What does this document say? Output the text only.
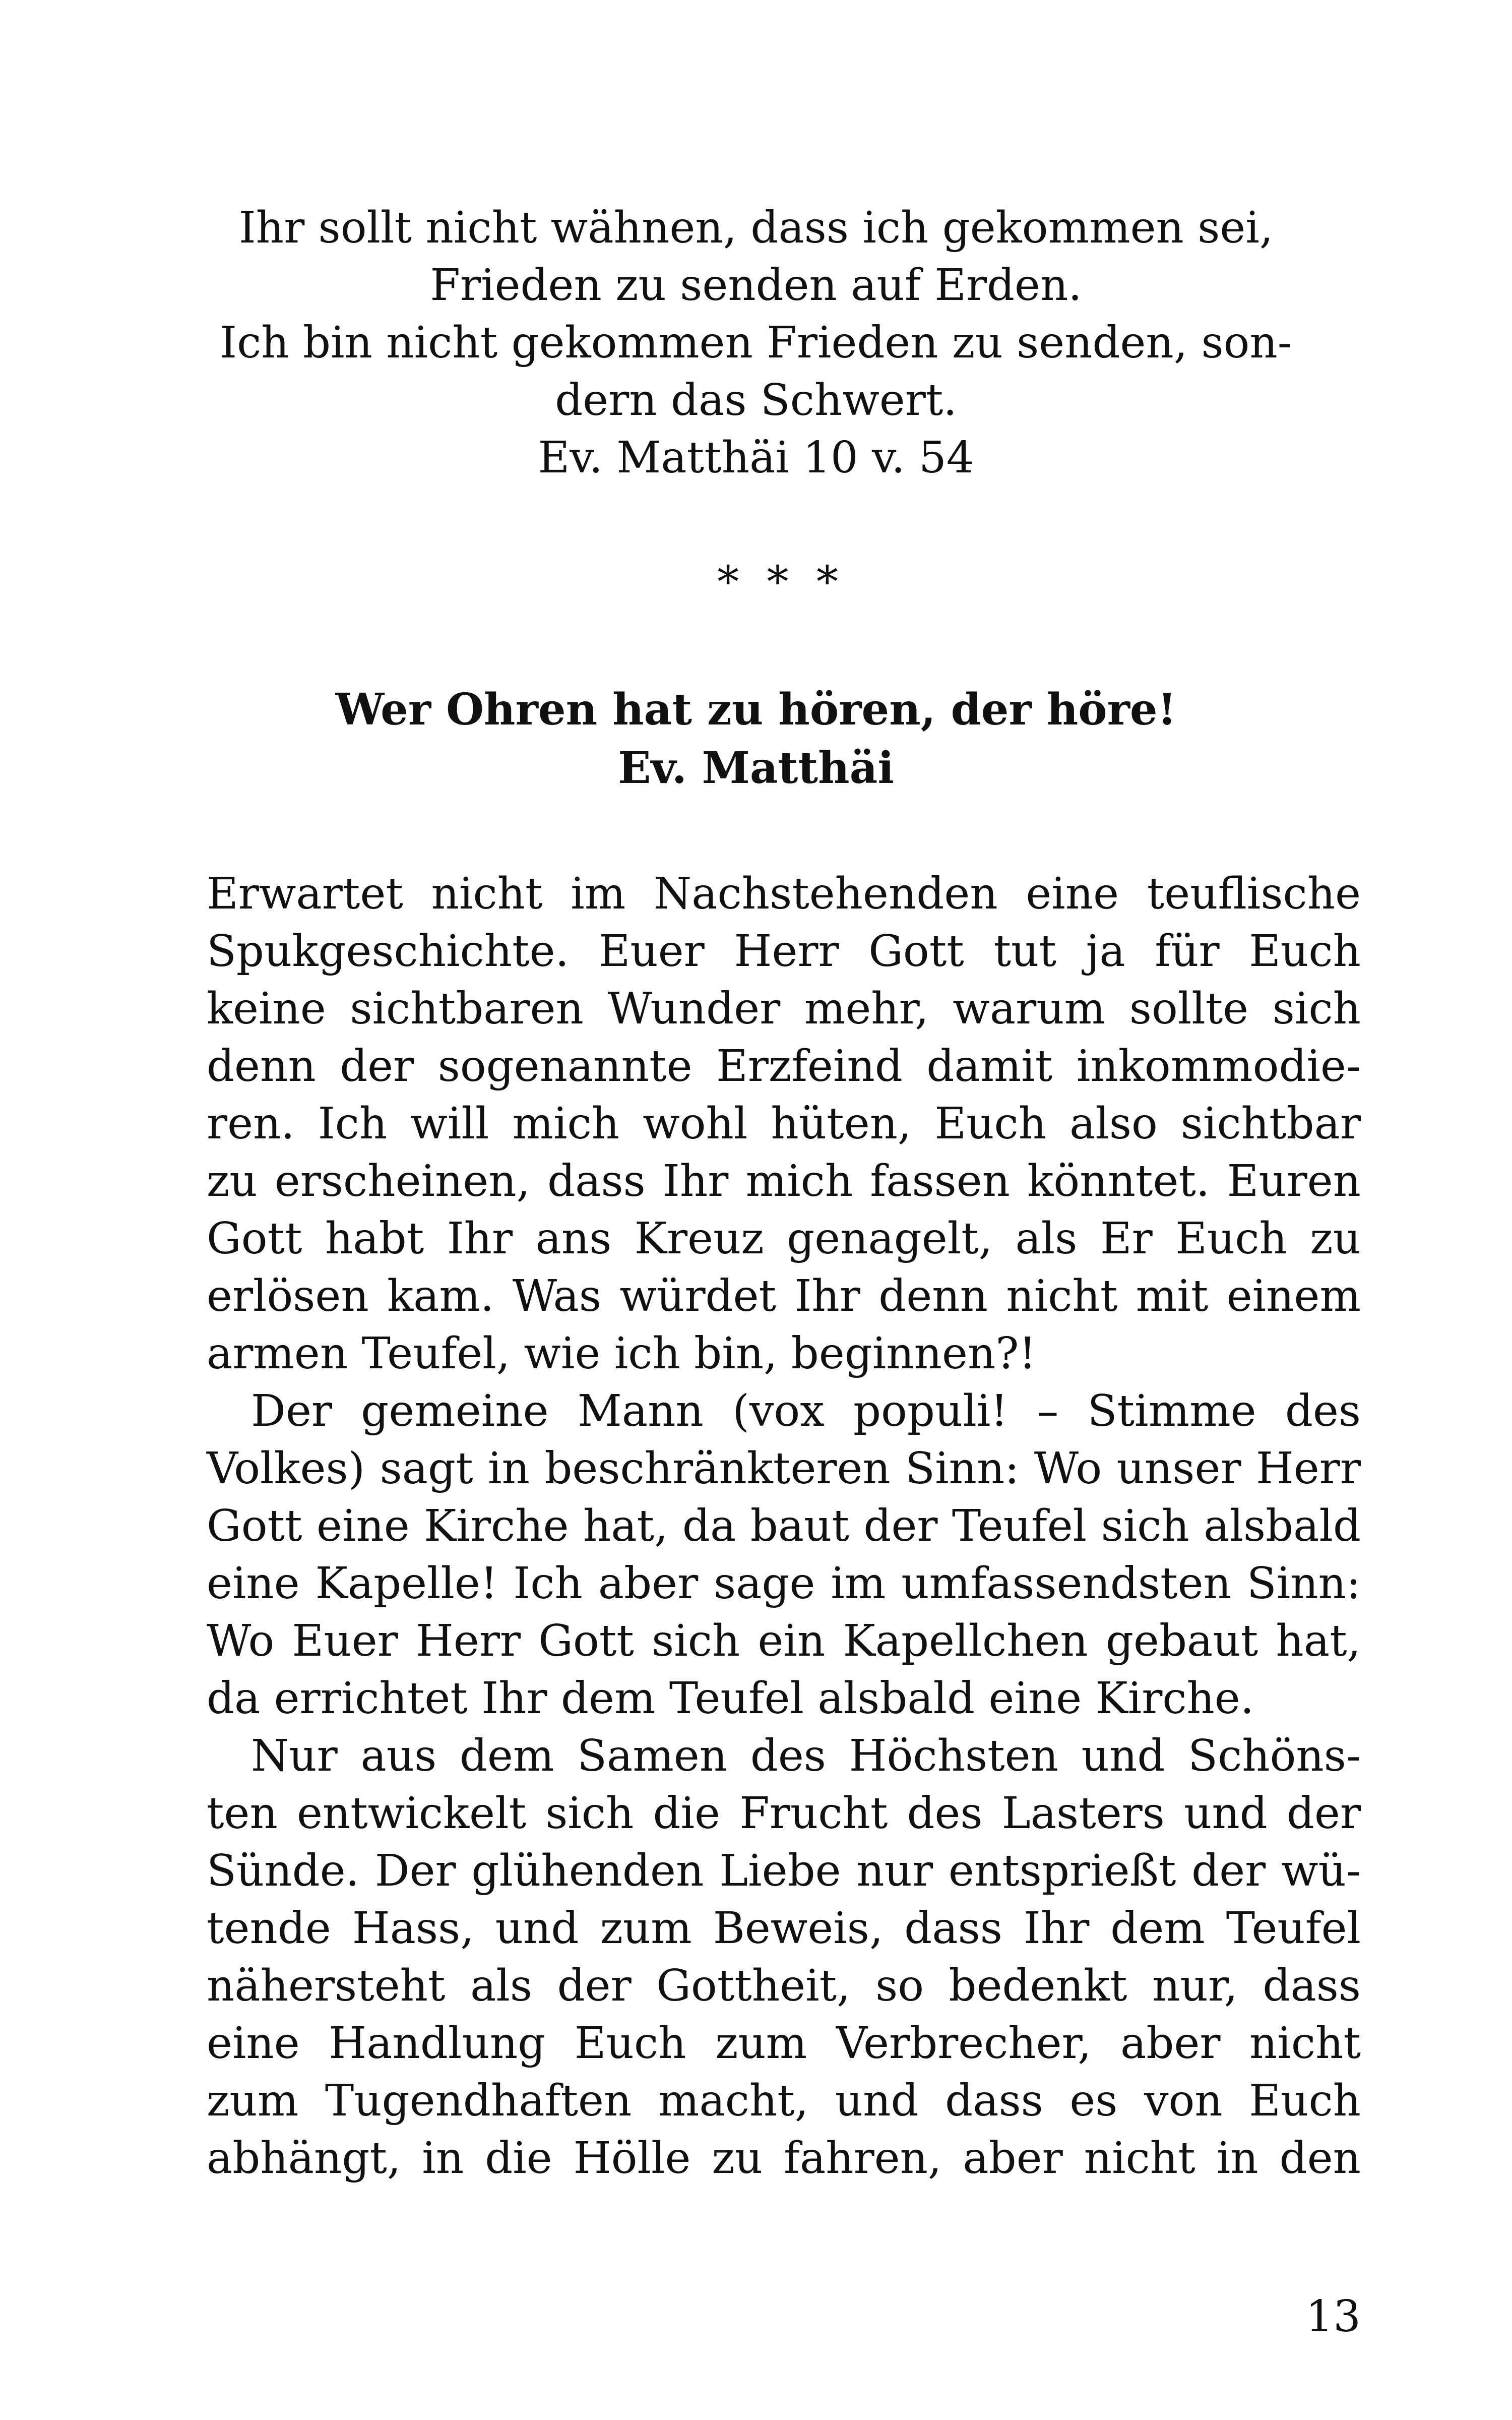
Ihr sollt nicht wähnen, dass ich gekommen sei,
Frieden zu senden auf Erden.
Ich bin nicht gekommen Frieden zu senden, son-
dern das Schwert.
Ev. Matthäi 10 v. 54
* * *
Wer Ohren hat zu hören, der höre!
Ev. Matthäi
Erwartet nicht im Nachstehenden eine teuflische
Spukgeschichte. Euer Herr Gott tut ja für Euch
keine sichtbaren Wunder mehr, warum sollte sich
denn der sogenannte Erzfeind damit inkommodie-
ren. Ich will mich wohl hüten, Euch also sichtbar
zu erscheinen, dass Ihr mich fassen könntet. Euren
Gott habt Ihr ans Kreuz genagelt, als Er Euch zu
erlösen kam. Was würdet Ihr denn nicht mit einem
armen Teufel, wie ich bin, beginnen?!
Der gemeine Mann (vox populi! – Stimme des
Volkes) sagt in beschränkteren Sinn: Wo unser Herr
Gott eine Kirche hat, da baut der Teufel sich alsbald
eine Kapelle! Ich aber sage im umfassendsten Sinn:
Wo Euer Herr Gott sich ein Kapellchen gebaut hat,
da errichtet Ihr dem Teufel alsbald eine Kirche.
Nur aus dem Samen des Höchsten und Schöns-
ten entwickelt sich die Frucht des Lasters und der
Sünde. Der glühenden Liebe nur entsprießt der wü-
tende Hass, und zum Beweis, dass Ihr dem Teufel
nähersteht als der Gottheit, so bedenkt nur, dass
eine Handlung Euch zum Verbrecher, aber nicht
zum Tugendhaften macht, und dass es von Euch
abhängt, in die Hölle zu fahren, aber nicht in den
13
